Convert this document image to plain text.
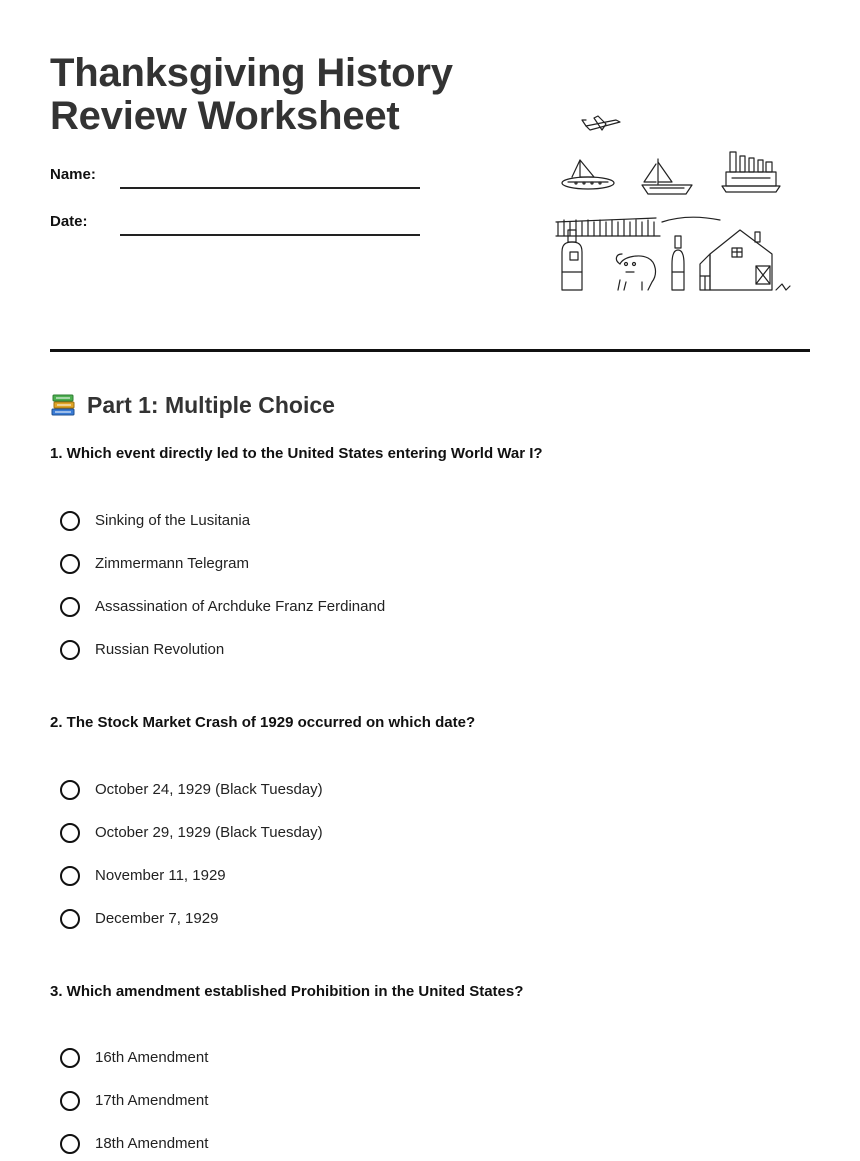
Thanksgiving History
Review Worksheet
Name:
Date:
Part 1: Multiple Choice

1. Which event directly led to the United States entering World War I?

Sinking of the Lusitania
Zimmermann Telegram
Assassination of Archduke Franz Ferdinand
Russian Revolution

2. The Stock Market Crash of 1929 occurred on which date?

October 24, 1929 (Black Tuesday)
October 29, 1929 (Black Tuesday)
November 11, 1929
December 7, 1929

3. Which amendment established Prohibition in the United States?

16th Amendment
17th Amendment
18th Amendment
